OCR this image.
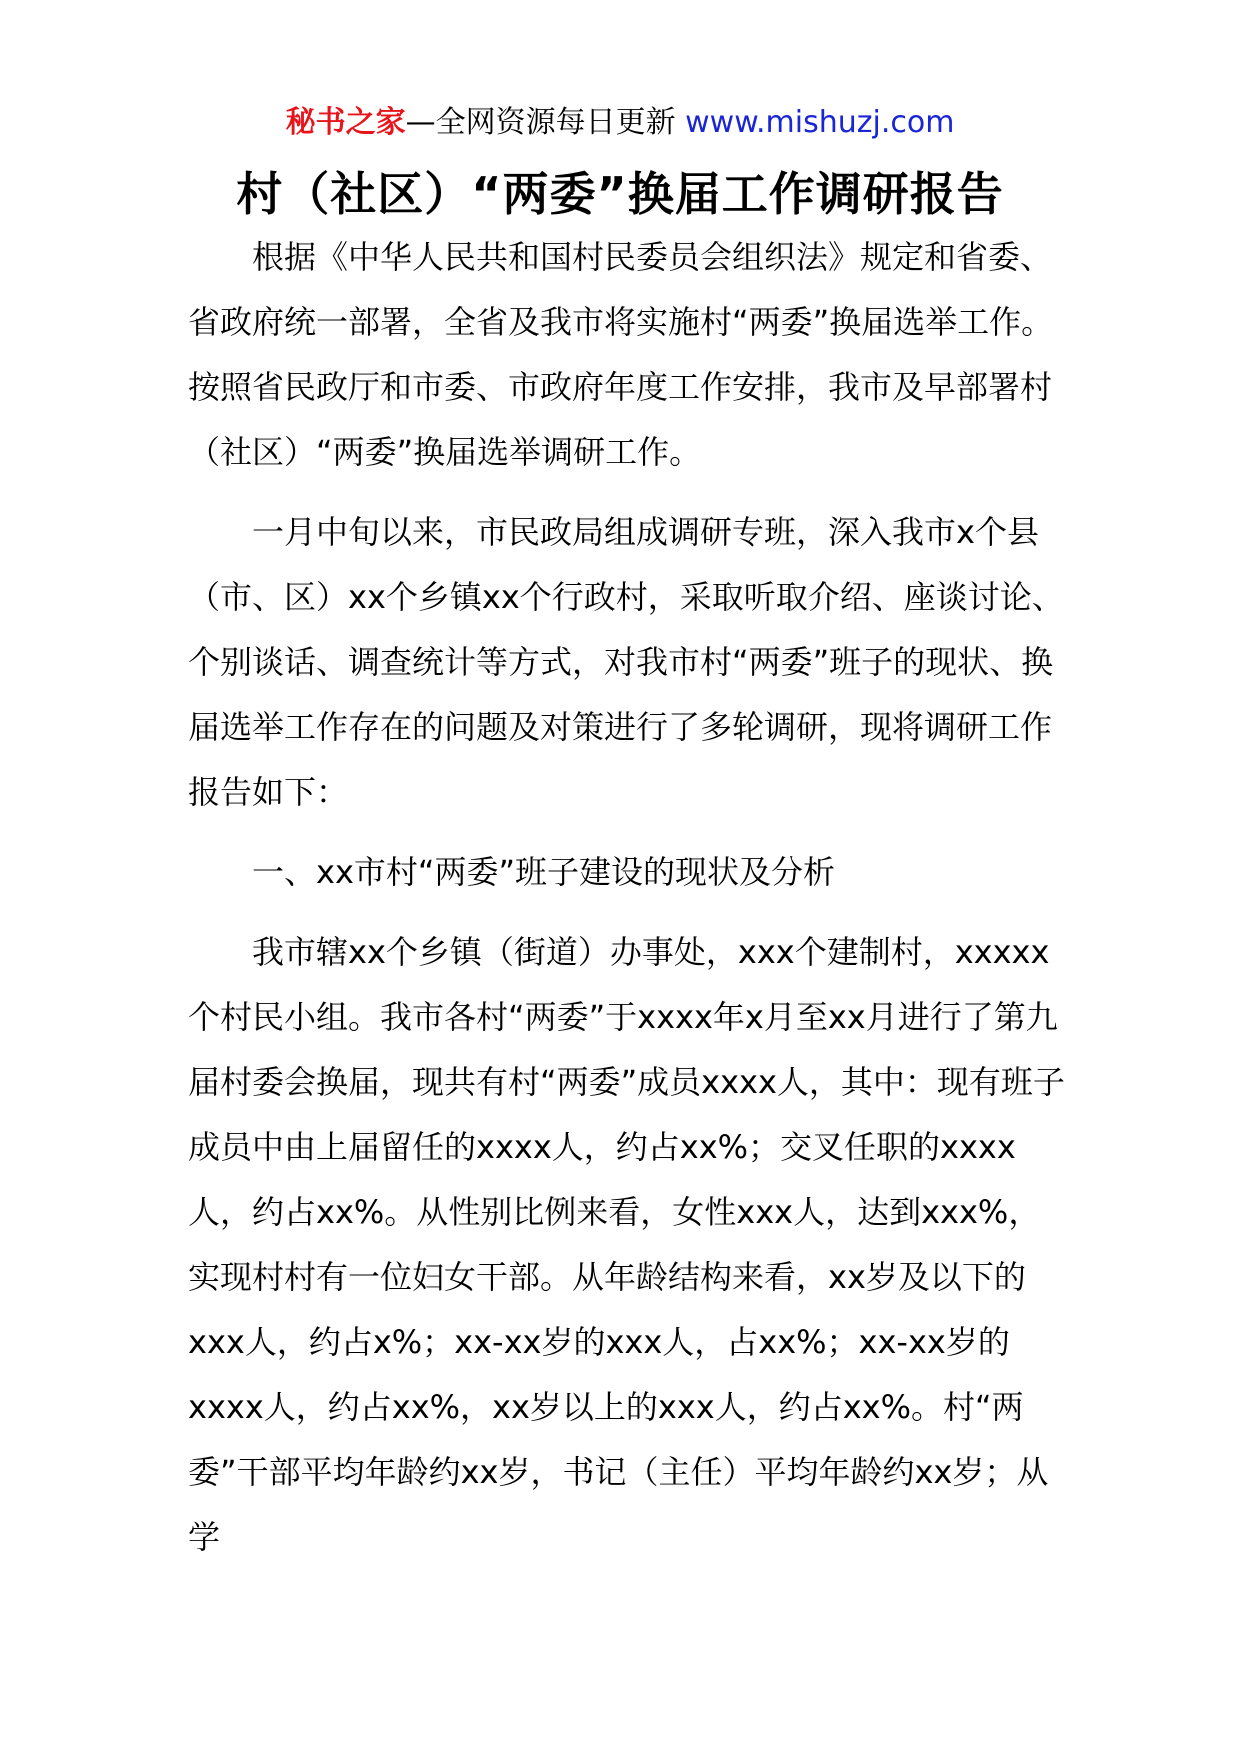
秘书之家—全网资源每日更新 www.mishuzj.com
村（社区）“两委”换届工作调研报告

根据《中华人民共和国村民委员会组织法》规定和省委、省政府统一部署，全省及我市将实施村“两委”换届选举工作。按照省民政厅和市委、市政府年度工作安排，我市及早部署村（社区）“两委”换届选举调研工作。

一月中旬以来，市民政局组成调研专班，深入我市x个县（市、区）xx个乡镇xx个行政村，采取听取介绍、座谈讨论、个别谈话、调查统计等方式，对我市村“两委”班子的现状、换届选举工作存在的问题及对策进行了多轮调研，现将调研工作报告如下：

一、xx市村“两委”班子建设的现状及分析

我市辖xx个乡镇（街道）办事处，xxx个建制村，xxxxx个村民小组。我市各村“两委”于xxxx年x月至xx月进行了第九届村委会换届，现共有村“两委”成员xxxx人，其中：现有班子成员中由上届留任的xxxx人，约占xx%；交叉任职的xxxx人，约占xx%。从性别比例来看，女性xxx人，达到xxx%，实现村村有一位妇女干部。从年龄结构来看，xx岁及以下的xxx人，约占x%；xx-xx岁的xxx人，占xx%；xx-xx岁的xxxx人，约占xx%，xx岁以上的xxx人，约占xx%。村“两委”干部平均年龄约xx岁，书记（主任）平均年龄约xx岁；从学
